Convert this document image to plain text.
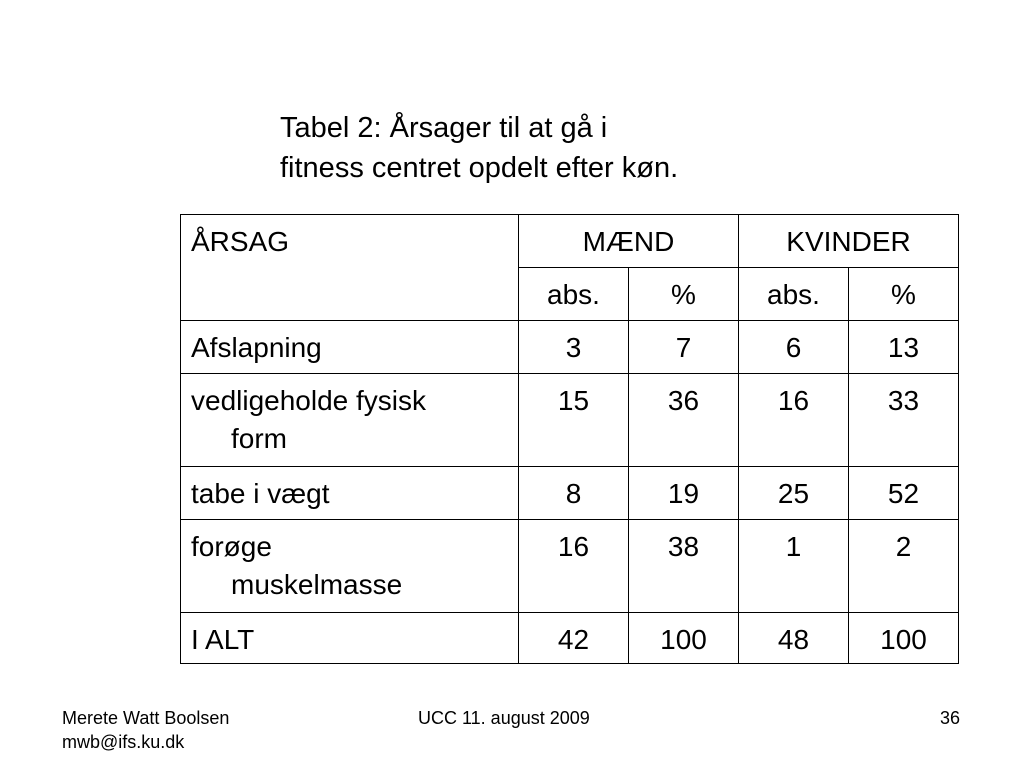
Tabel 2: Årsager til at gå i
fitness centret opdelt efter køn.
ÅRSAG	MÆND		KVINDER	
	abs.	%	abs.	%
Afslapning	3	7	6	13
vedligeholde fysisk
form	15	36	16	33
tabe i vægt	8	19	25	52
forøge
muskelmasse	16	38	1	2
I ALT	42	100	48	100
Merete Watt Boolsen
mwb@ifs.ku.dk
UCC 11. august 2009	36
